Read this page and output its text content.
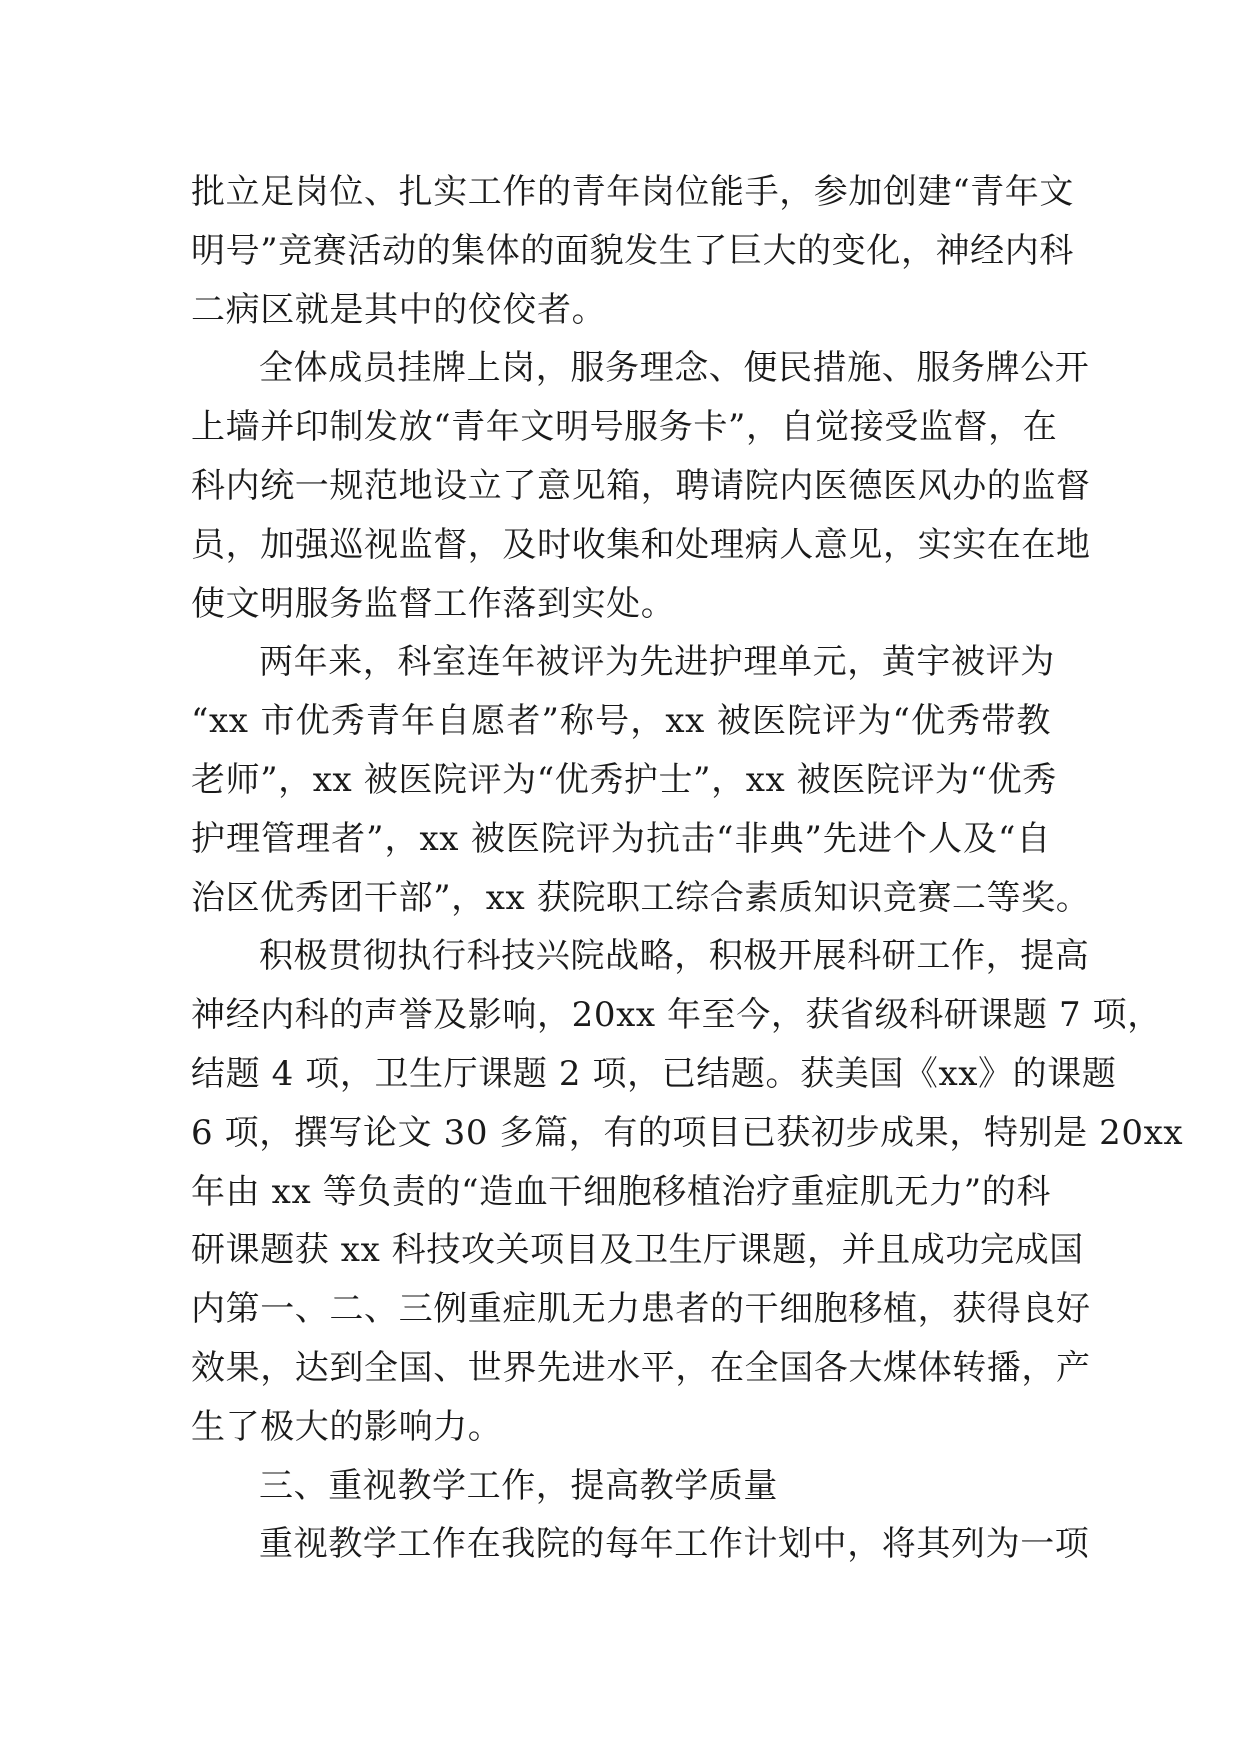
批立足岗位、扎实工作的青年岗位能手，参加创建“青年文
明号”竞赛活动的集体的面貌发生了巨大的变化，神经内科
二病区就是其中的佼佼者。

全体成员挂牌上岗，服务理念、便民措施、服务牌公开
上墙并印制发放“青年文明号服务卡”，自觉接受监督，在
科内统一规范地设立了意见箱，聘请院内医德医风办的监督
员，加强巡视监督，及时收集和处理病人意见，实实在在地
使文明服务监督工作落到实处。

两年来，科室连年被评为先进护理单元，黄宇被评为
“xx 市优秀青年自愿者”称号，xx 被医院评为“优秀带教
老师”，xx 被医院评为“优秀护士”，xx 被医院评为“优秀
护理管理者”，xx 被医院评为抗击“非典”先进个人及“自
治区优秀团干部”，xx 获院职工综合素质知识竞赛二等奖。

积极贯彻执行科技兴院战略，积极开展科研工作，提高
神经内科的声誉及影响，20xx 年至今，获省级科研课题 7 项，
结题 4 项，卫生厅课题 2 项，已结题。获美国《xx》的课题
6 项，撰写论文 30 多篇，有的项目已获初步成果，特别是 20xx
年由 xx 等负责的“造血干细胞移植治疗重症肌无力”的科
研课题获 xx 科技攻关项目及卫生厅课题，并且成功完成国
内第一、二、三例重症肌无力患者的干细胞移植，获得良好
效果，达到全国、世界先进水平，在全国各大煤体转播，产
生了极大的影响力。

三、重视教学工作，提高教学质量

重视教学工作在我院的每年工作计划中，将其列为一项
